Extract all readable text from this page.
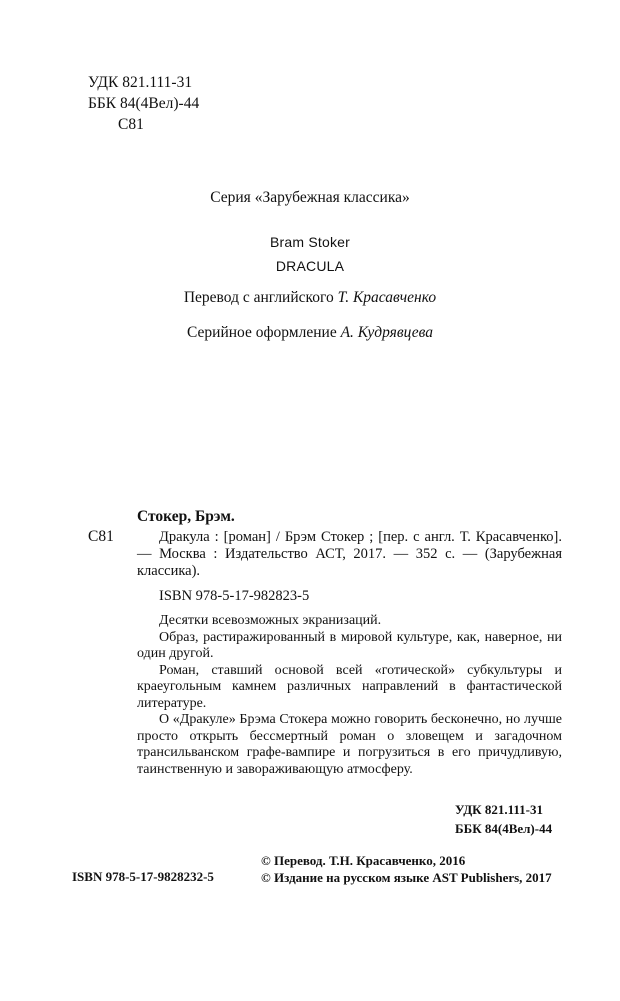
УДК 821.111-31
ББК 84(4Вел)-44
С81
Серия «Зарубежная классика»
Bram Stoker
DRACULA
Перевод с английского Т. Красавченко
Серийное оформление А. Кудрявцева
С81
Стокер, Брэм.
Дракула : [роман] / Брэм Стокер ; [пер. с англ. Т. Красавченко]. — Москва : Издательство АСТ, 2017. — 352 с. — (Зарубежная классика).
ISBN 978-5-17-982823-5

Десятки всевозможных экранизаций.

Образ, растиражированный в мировой культуре, как, наверное, ни один другой.

Роман, ставший основой всей «готической» субкультуры и краеугольным камнем различных направлений в фантастической литературе.

О «Дракуле» Брэма Стокера можно говорить бесконечно, но лучше просто открыть бессмертный роман о зловещем и загадочном трансильванском графе-вампире и погрузиться в его причудливую, таинственную и завораживающую атмосферу.

УДК 821.111-31
ББК 84(4Вел)-44
© Перевод. Т.Н. Красавченко, 2016
© Издание на русском языке AST Publishers, 2017
ISBN 978-5-17-9828232-5
